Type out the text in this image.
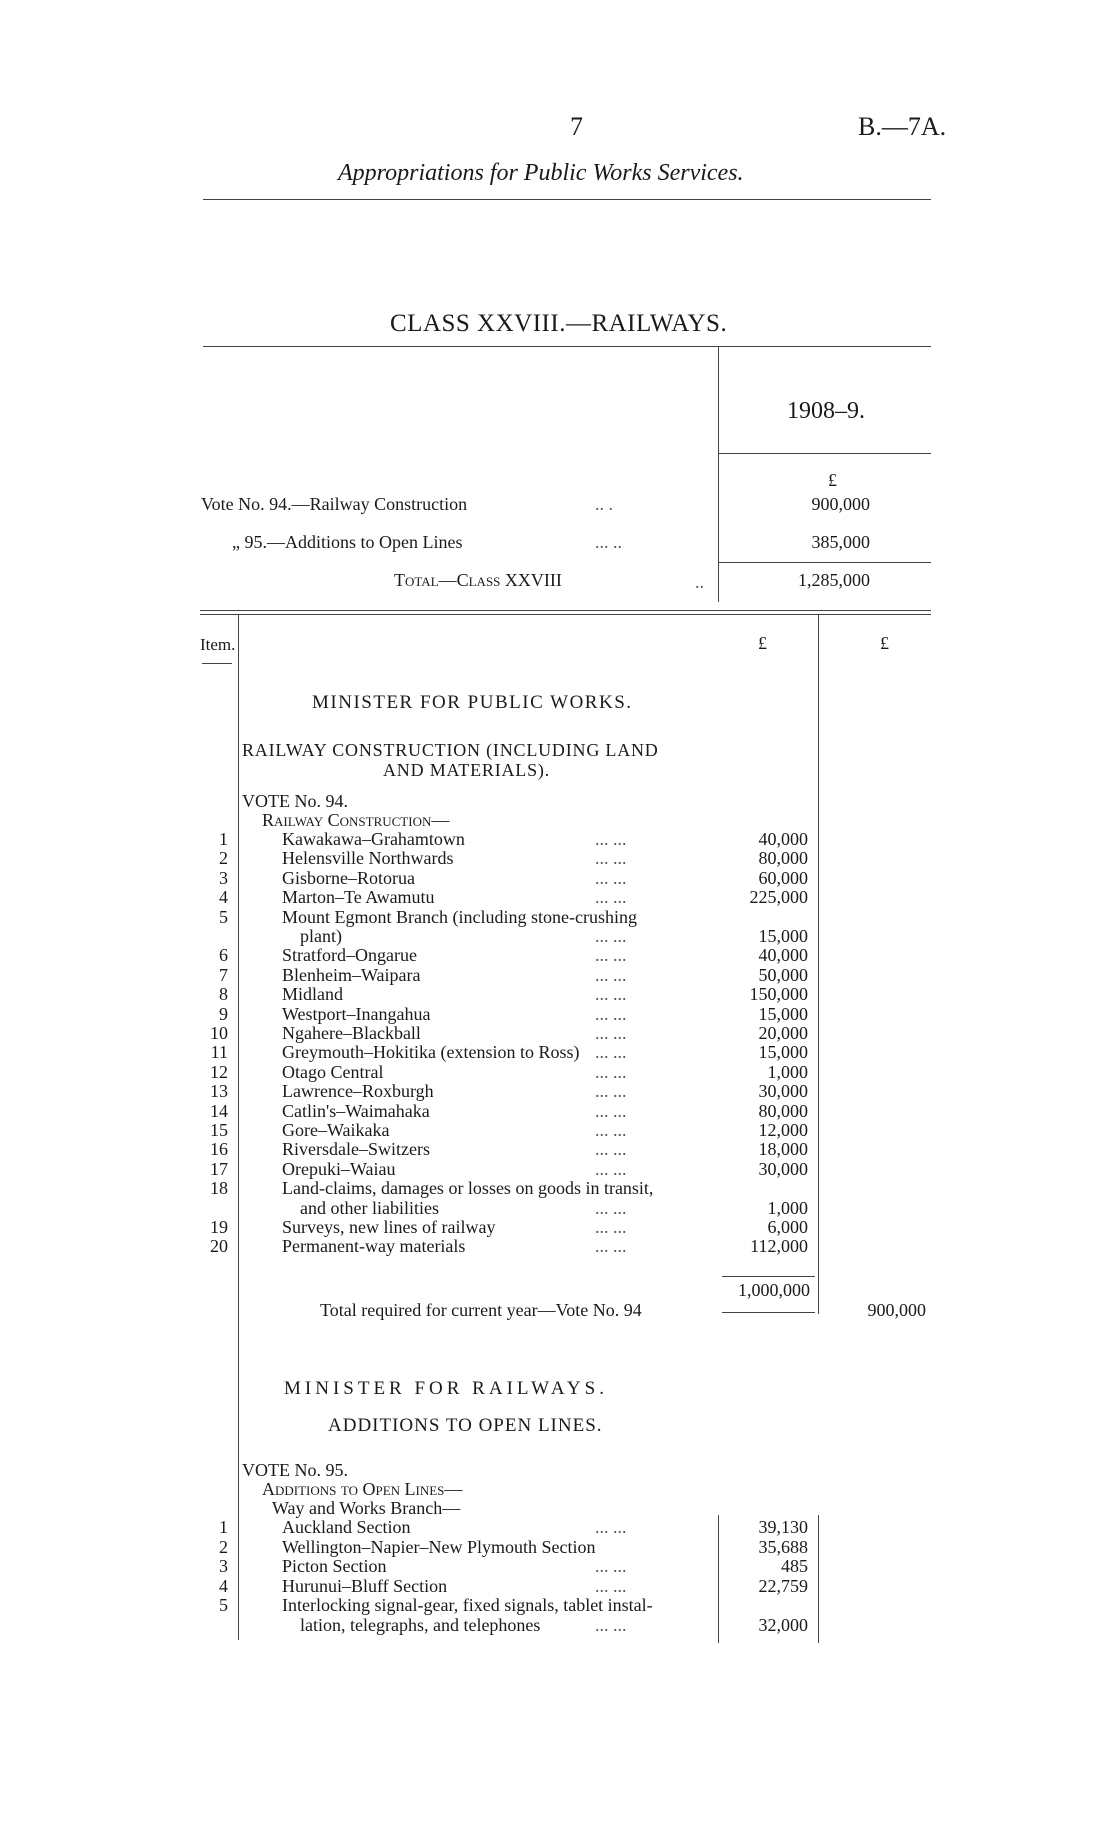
7	B.—7A.
Appropriations for Public Works Services.
CLASS XXVIII.—RAILWAYS.
1908–9.
£
Vote No. 94.—Railway Construction	.. .	900,000
„ 95.—Additions to Open Lines	... ..	385,000
Total—Class XXVIII	..	1,285,000
Item.	£	£
MINISTER FOR PUBLIC WORKS.
RAILWAY CONSTRUCTION (INCLUDING LAND
AND MATERIALS).
VOTE No. 94.
Railway Construction—
1	Kawakawa–Grahamtown	... ...	40,000
2	Helensville Northwards	... ...	80,000
3	Gisborne–Rotorua	... ...	60,000
4	Marton–Te Awamutu	... ...	225,000
5	Mount Egmont Branch (including stone-crushing
plant)	... ...	15,000
6	Stratford–Ongarue	... ...	40,000
7	Blenheim–Waipara	... ...	50,000
8	Midland	... ...	150,000
9	Westport–Inangahua	... ...	15,000
10	Ngahere–Blackball	... ...	20,000
11	Greymouth–Hokitika (extension to Ross) ... ...	15,000
12	Otago Central	... ...	1,000
13	Lawrence–Roxburgh	... ...	30,000
14	Catlin's–Waimahaka	... ...	80,000
15	Gore–Waikaka	... ...	12,000
16	Riversdale–Switzers	... ...	18,000
17	Orepuki–Waiau	... ...	30,000
18	Land-claims, damages or losses on goods in transit,
and other liabilities	... ...	1,000
19	Surveys, new lines of railway	... ...	6,000
20	Permanent-way materials	... ...	112,000
1,000,000
Total required for current year—Vote No. 94	900,000
MINISTER FOR RAILWAYS.
ADDITIONS TO OPEN LINES.
VOTE No. 95.
Additions to Open Lines—
Way and Works Branch—
1	Auckland Section	... ...	39,130
2	Wellington–Napier–New Plymouth Section	35,688
3	Picton Section	... ...	485
4	Hurunui–Bluff Section	... ...	22,759
5	Interlocking signal-gear, fixed signals, tablet instal-
lation, telegraphs, and telephones	... ...	32,000
